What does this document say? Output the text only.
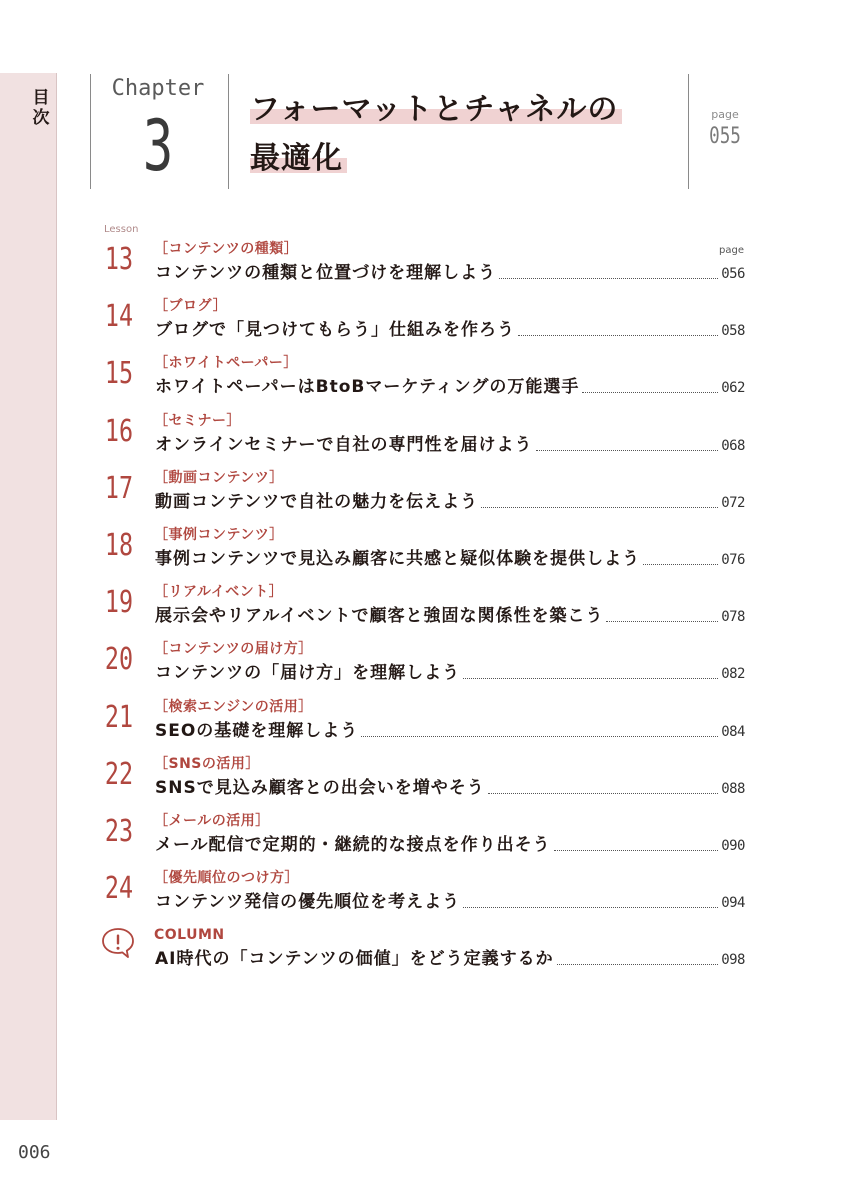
目次
Chapter
3	フォーマットとチャネルの
最適化
page
055
Lesson
page
13 ［コンテンツの種類］
コンテンツの種類と位置づけを理解しよう	056
14 ［ブログ］
ブログで「見つけてもらう」仕組みを作ろう	058
15 ［ホワイトペーパー］
ホワイトペーパーはBtoBマーケティングの万能選手	062
16 ［セミナー］
オンラインセミナーで自社の専門性を届けよう	068
17 ［動画コンテンツ］
動画コンテンツで自社の魅力を伝えよう	072
18 ［事例コンテンツ］
事例コンテンツで見込み顧客に共感と疑似体験を提供しよう	076
19 ［リアルイベント］
展示会やリアルイベントで顧客と強固な関係性を築こう	078
20 ［コンテンツの届け方］
コンテンツの「届け方」を理解しよう	082
21 ［検索エンジンの活用］
SEOの基礎を理解しよう	084
22 ［SNSの活用］
SNSで見込み顧客との出会いを増やそう	088
23 ［メールの活用］
メール配信で定期的・継続的な接点を作り出そう	090
24 ［優先順位のつけ方］
コンテンツ発信の優先順位を考えよう	094
COLUMN
AI時代の「コンテンツの価値」をどう定義するか	098
006
